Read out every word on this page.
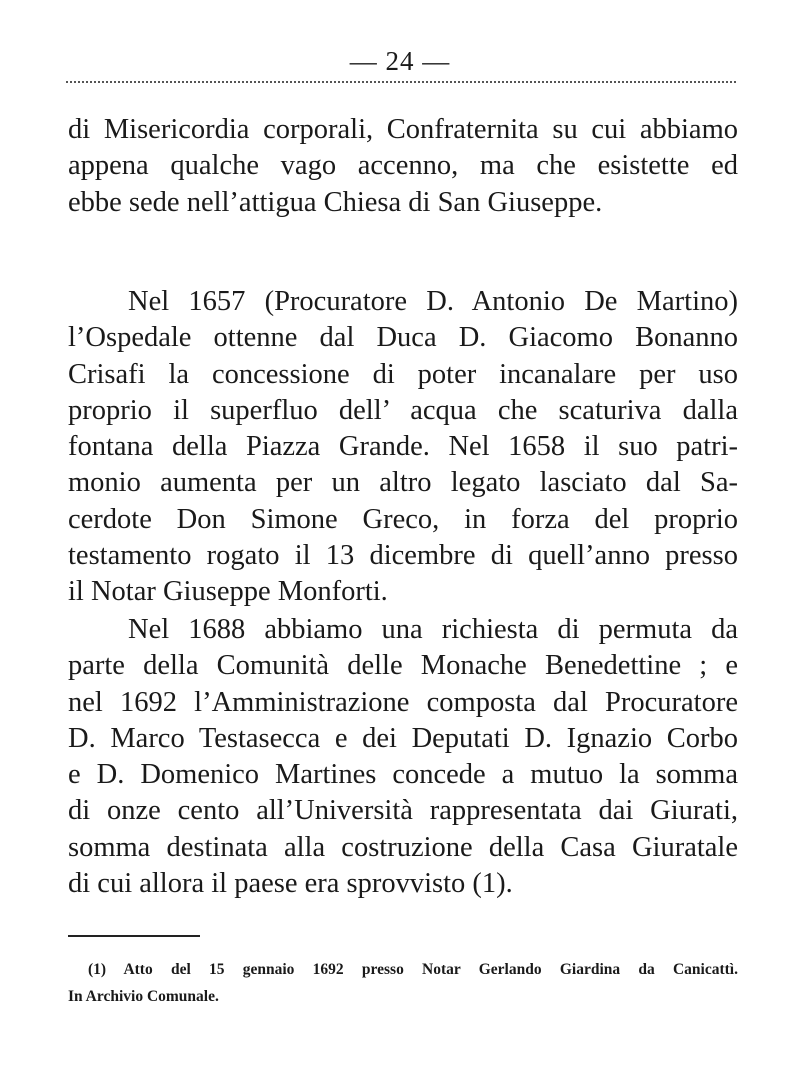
— 24 —
di Misericordia corporali, Confraternita su cui abbiamo
appena qualche vago accenno, ma che esistette ed
ebbe sede nell’attigua Chiesa di San Giuseppe.
Nel 1657 (Procuratore D. Antonio De Martino)
l’Ospedale ottenne dal Duca D. Giacomo Bonanno
Crisafi la concessione di poter incanalare per uso
proprio il superfluo dell’ acqua che scaturiva dalla
fontana della Piazza Grande. Nel 1658 il suo patri-
monio aumenta per un altro legato lasciato dal Sa-
cerdote Don Simone Greco, in forza del proprio
testamento rogato il 13 dicembre di quell’anno presso
il Notar Giuseppe Monforti.
Nel 1688 abbiamo una richiesta di permuta da
parte della Comunità delle Monache Benedettine ; e
nel 1692 l’Amministrazione composta dal Procuratore
D. Marco Testasecca e dei Deputati D. Ignazio Corbo
e D. Domenico Martines concede a mutuo la somma
di onze cento all’Università rappresentata dai Giurati,
somma destinata alla costruzione della Casa Giuratale
di cui allora il paese era sprovvisto (1).
(1) Atto del 15 gennaio 1692 presso Notar Gerlando Giardina da Canicattì.
In Archivio Comunale.
